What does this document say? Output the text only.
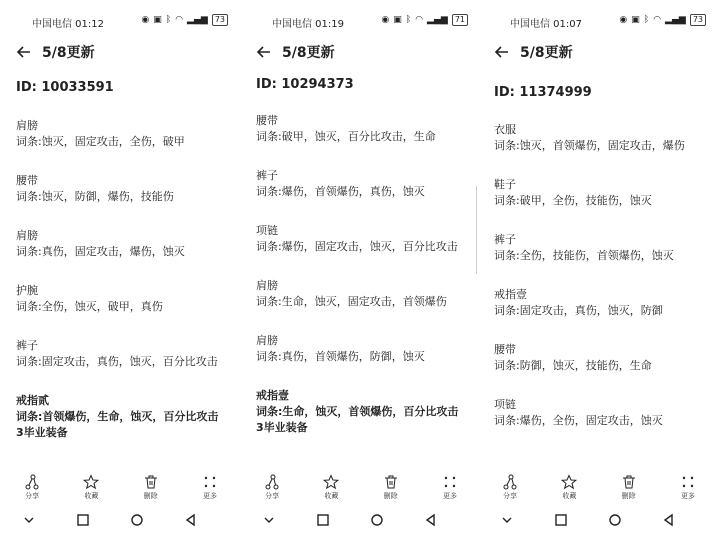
中国电信 01:12	◉ ▣ ᛒ ◠ ▂▄▆ 73
5/8更新
ID: 10033591
肩膀
词条:蚀灭，固定攻击，全伤，破甲
腰带
词条:蚀灭，防御，爆伤，技能伤
肩膀
词条:真伤，固定攻击，爆伤，蚀灭
护腕
词条:全伤，蚀灭，破甲，真伤
裤子
词条:固定攻击，真伤，蚀灭，百分比攻击
戒指贰
词条:首领爆伤，生命，蚀灭，百分比攻击
3毕业装备
分享	收藏	删除	更多
中国电信 01:19	◉ ▣ ᛒ ◠ ▂▄▆ 71
5/8更新
ID: 10294373
腰带
词条:破甲，蚀灭，百分比攻击，生命
裤子
词条:爆伤，首领爆伤，真伤，蚀灭
项链
词条:爆伤，固定攻击，蚀灭，百分比攻击
肩膀
词条:生命，蚀灭，固定攻击，首领爆伤
肩膀
词条:真伤，首领爆伤，防御，蚀灭
戒指壹
词条:生命，蚀灭，首领爆伤，百分比攻击
3毕业装备
分享	收藏	删除	更多
中国电信 01:07	◉ ▣ ᛒ ◠ ▂▄▆ 73
5/8更新
ID: 11374999
衣服
词条:蚀灭，首领爆伤，固定攻击，爆伤
鞋子
词条:破甲，全伤，技能伤，蚀灭
裤子
词条:全伤，技能伤，首领爆伤，蚀灭
戒指壹
词条:固定攻击，真伤，蚀灭，防御
腰带
词条:防御，蚀灭，技能伤，生命
项链
词条:爆伤，全伤，固定攻击，蚀灭
分享	收藏	删除	更多
